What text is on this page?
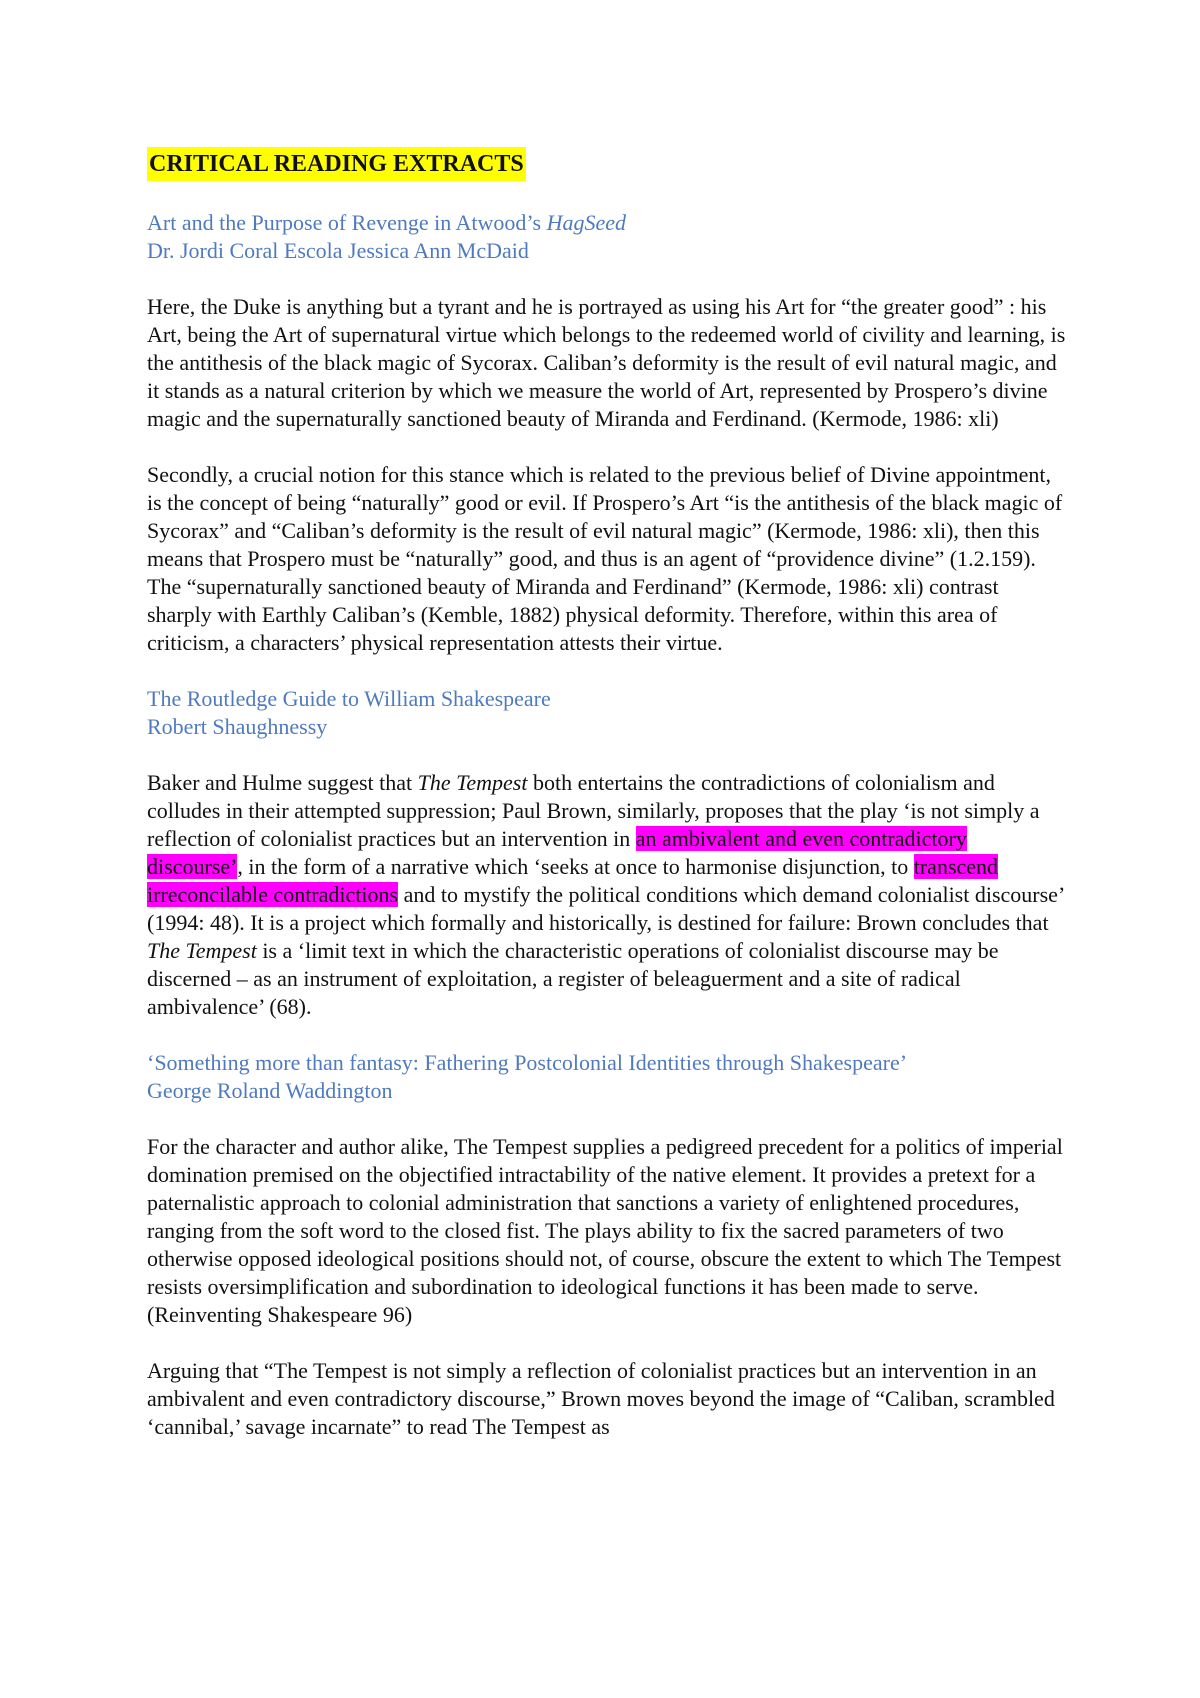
CRITICAL READING EXTRACTS

Art and the Purpose of Revenge in Atwood’s HagSeed

Dr. Jordi Coral Escola Jessica Ann McDaid

Here, the Duke is anything but a tyrant and he is portrayed as using his Art for “the greater good” : his Art, being the Art of supernatural virtue which belongs to the redeemed world of civility and learning, is the antithesis of the black magic of Sycorax. Caliban’s deformity is the result of evil natural magic, and it stands as a natural criterion by which we measure the world of Art, represented by Prospero’s divine magic and the supernaturally sanctioned beauty of Miranda and Ferdinand. (Kermode, 1986: xli)

Secondly, a crucial notion for this stance which is related to the previous belief of Divine appointment, is the concept of being “naturally” good or evil. If Prospero’s Art “is the antithesis of the black magic of Sycorax” and “Caliban’s deformity is the result of evil natural magic” (Kermode, 1986: xli), then this means that Prospero must be “naturally” good, and thus is an agent of “providence divine” (1.2.159). The “supernaturally sanctioned beauty of Miranda and Ferdinand” (Kermode, 1986: xli) contrast sharply with Earthly Caliban’s (Kemble, 1882) physical deformity. Therefore, within this area of criticism, a characters’ physical representation attests their virtue.

The Routledge Guide to William Shakespeare

Robert Shaughnessy

Baker and Hulme suggest that The Tempest both entertains the contradictions of colonialism and colludes in their attempted suppression; Paul Brown, similarly, proposes that the play ‘is not simply a reflection of colonialist practices but an intervention in an ambivalent and even contradictory discourse’, in the form of a narrative which ‘seeks at once to harmonise disjunction, to transcend irreconcilable contradictions and to mystify the political conditions which demand colonialist discourse’ (1994: 48). It is a project which formally and historically, is destined for failure: Brown concludes that The Tempest is a ‘limit text in which the characteristic operations of colonialist discourse may be discerned – as an instrument of exploitation, a register of beleaguerment and a site of radical ambivalence’ (68).

‘Something more than fantasy: Fathering Postcolonial Identities through Shakespeare’

George Roland Waddington

For the character and author alike, The Tempest supplies a pedigreed precedent for a politics of imperial domination premised on the objectified intractability of the native element. It provides a pretext for a paternalistic approach to colonial administration that sanctions a variety of enlightened procedures, ranging from the soft word to the closed fist. The plays ability to fix the sacred parameters of two otherwise opposed ideological positions should not, of course, obscure the extent to which The Tempest resists oversimplification and subordination to ideological functions it has been made to serve. (Reinventing Shakespeare 96)

Arguing that “The Tempest is not simply a reflection of colonialist practices but an intervention in an ambivalent and even contradictory discourse,” Brown moves beyond the image of “Caliban, scrambled ‘cannibal,’ savage incarnate” to read The Tempest as
